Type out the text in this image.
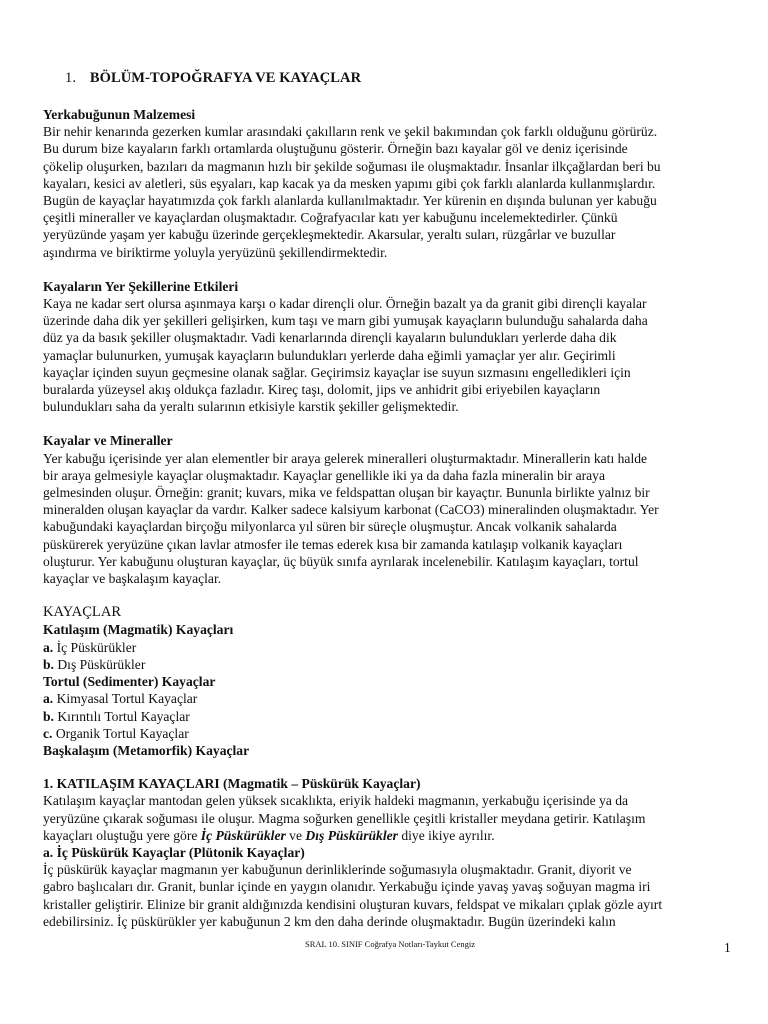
1. BÖLÜM-TOPOĞRAFYA VE KAYAÇLAR

Yerkabuğunun Malzemesi

Bir nehir kenarında gezerken kumlar arasındaki çakılların renk ve şekil bakımından çok farklı olduğunu görürüz.

Bu durum bize kayaların farklı ortamlarda oluştuğunu gösterir. Örneğin bazı kayalar göl ve deniz içerisinde

çökelip oluşurken, bazıları da magmanın hızlı bir şekilde soğuması ile oluşmaktadır. İnsanlar ilkçağlardan beri bu

kayaları, kesici av aletleri, süs eşyaları, kap kacak ya da mesken yapımı gibi çok farklı alanlarda kullanmışlardır.

Bugün de kayaçlar hayatımızda çok farklı alanlarda kullanılmaktadır. Yer kürenin en dışında bulunan yer kabuğu

çeşitli mineraller ve kayaçlardan oluşmaktadır. Coğrafyacılar katı yer kabuğunu incelemektedirler. Çünkü

yeryüzünde yaşam yer kabuğu üzerinde gerçekleşmektedir. Akarsular, yeraltı suları, rüzgârlar ve buzullar

aşındırma ve biriktirme yoluyla yeryüzünü şekillendirmektedir.

Kayaların Yer Şekillerine Etkileri

Kaya ne kadar sert olursa aşınmaya karşı o kadar dirençli olur. Örneğin bazalt ya da granit gibi dirençli kayalar

üzerinde daha dik yer şekilleri gelişirken, kum taşı ve marn gibi yumuşak kayaçların bulunduğu sahalarda daha

düz ya da basık şekiller oluşmaktadır. Vadi kenarlarında dirençli kayaların bulundukları yerlerde daha dik

yamaçlar bulunurken, yumuşak kayaçların bulundukları yerlerde daha eğimli yamaçlar yer alır. Geçirimli

kayaçlar içinden suyun geçmesine olanak sağlar. Geçirimsiz kayaçlar ise suyun sızmasını engelledikleri için

buralarda yüzeysel akış oldukça fazladır. Kireç taşı, dolomit, jips ve anhidrit gibi eriyebilen kayaçların

bulundukları saha da yeraltı sularının etkisiyle karstik şekiller gelişmektedir.

Kayalar ve Mineraller

Yer kabuğu içerisinde yer alan elementler bir araya gelerek mineralleri oluşturmaktadır. Minerallerin katı halde

bir araya gelmesiyle kayaçlar oluşmaktadır. Kayaçlar genellikle iki ya da daha fazla mineralin bir araya

gelmesinden oluşur. Örneğin: granit; kuvars, mika ve feldspattan oluşan bir kayaçtır. Bununla birlikte yalnız bir

mineralden oluşan kayaçlar da vardır. Kalker sadece kalsiyum karbonat (CaCO3) mineralinden oluşmaktadır. Yer

kabuğundaki kayaçlardan birçoğu milyonlarca yıl süren bir süreçle oluşmuştur. Ancak volkanik sahalarda

püskürerek yeryüzüne çıkan lavlar atmosfer ile temas ederek kısa bir zamanda katılaşıp volkanik kayaçları

oluşturur. Yer kabuğunu oluşturan kayaçlar, üç büyük sınıfa ayrılarak incelenebilir. Katılaşım kayaçları, tortul

kayaçlar ve başkalaşım kayaçlar.

KAYAÇLAR

Katılaşım (Magmatik) Kayaçları

a. İç Püskürükler

b. Dış Püskürükler

Tortul (Sedimenter) Kayaçlar

a. Kimyasal Tortul Kayaçlar

b. Kırıntılı Tortul Kayaçlar

c. Organik Tortul Kayaçlar

Başkalaşım (Metamorfik) Kayaçlar

1. KATILAŞIM KAYAÇLARI (Magmatik – Püskürük Kayaçlar)

Katılaşım kayaçlar mantodan gelen yüksek sıcaklıkta, eriyik haldeki magmanın, yerkabuğu içerisinde ya da

yeryüzüne çıkarak soğuması ile oluşur. Magma soğurken genellikle çeşitli kristaller meydana getirir. Katılaşım

kayaçları oluştuğu yere göre İç Püskürükler ve Dış Püskürükler diye ikiye ayrılır.

a. İç Püskürük Kayaçlar (Plütonik Kayaçlar)

İç püskürük kayaçlar magmanın yer kabuğunun derinliklerinde soğumasıyla oluşmaktadır. Granit, diyorit ve

gabro başlıcaları dır. Granit, bunlar içinde en yaygın olanıdır. Yerkabuğu içinde yavaş yavaş soğuyan magma iri

kristaller geliştirir. Elinize bir granit aldığınızda kendisini oluşturan kuvars, feldspat ve mikaları çıplak gözle ayırt

edebilirsiniz. İç püskürükler yer kabuğunun 2 km den daha derinde oluşmaktadır. Bugün üzerindeki kalın

SRAL 10. SINIF Coğrafya Notları-Taykut Cengiz	1
